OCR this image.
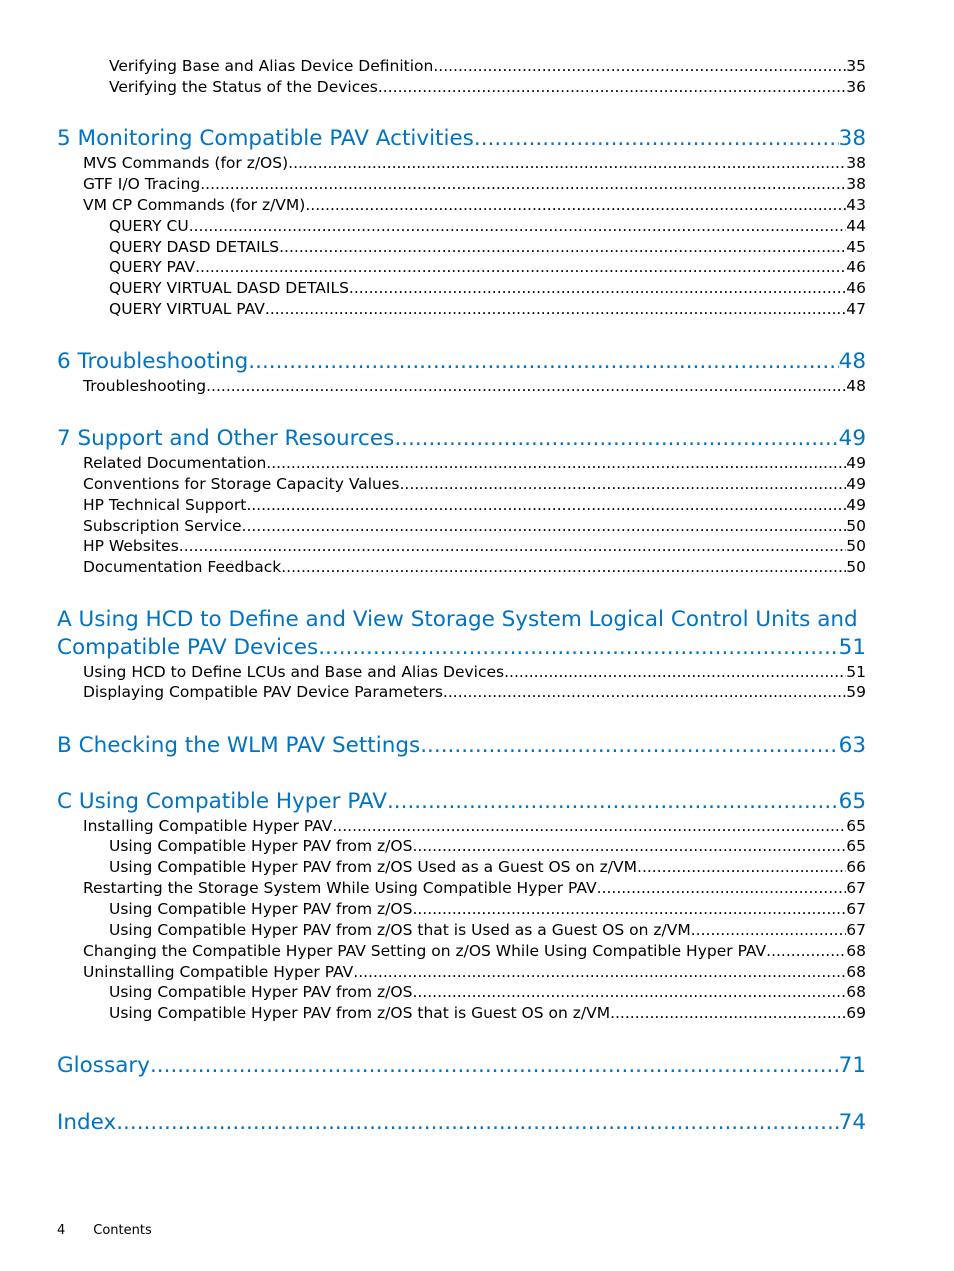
Verifying Base and Alias Device Definition .....	35
Verifying the Status of the Devices .....	36
5 Monitoring Compatible PAV Activities .....	38
MVS Commands (for z/OS) .....	38
GTF I/O Tracing .....	38
VM CP Commands (for z/VM) .....	43
QUERY CU .....	44
QUERY DASD DETAILS .....	45
QUERY PAV .....	46
QUERY VIRTUAL DASD DETAILS .....	46
QUERY VIRTUAL PAV .....	47
6 Troubleshooting .....	48
Troubleshooting .....	48
7 Support and Other Resources .....	49
Related Documentation .....	49
Conventions for Storage Capacity Values .....	49
HP Technical Support .....	49
Subscription Service .....	50
HP Websites .....	50
Documentation Feedback .....	50
A Using HCD to Define and View Storage System Logical Control Units and
Compatible PAV Devices .....	51
Using HCD to Define LCUs and Base and Alias Devices .....	51
Displaying Compatible PAV Device Parameters .....	59
B Checking the WLM PAV Settings .....	63
C Using Compatible Hyper PAV .....	65
Installing Compatible Hyper PAV .....	65
Using Compatible Hyper PAV from z/OS .....	65
Using Compatible Hyper PAV from z/OS Used as a Guest OS on z/VM .....	66
Restarting the Storage System While Using Compatible Hyper PAV .....	67
Using Compatible Hyper PAV from z/OS .....	67
Using Compatible Hyper PAV from z/OS that is Used as a Guest OS on z/VM .....	67
Changing the Compatible Hyper PAV Setting on z/OS While Using Compatible Hyper PAV .....	68
Uninstalling Compatible Hyper PAV .....	68
Using Compatible Hyper PAV from z/OS .....	68
Using Compatible Hyper PAV from z/OS that is Guest OS on z/VM .....	69
Glossary .....	71
Index .....	74
4 Contents
